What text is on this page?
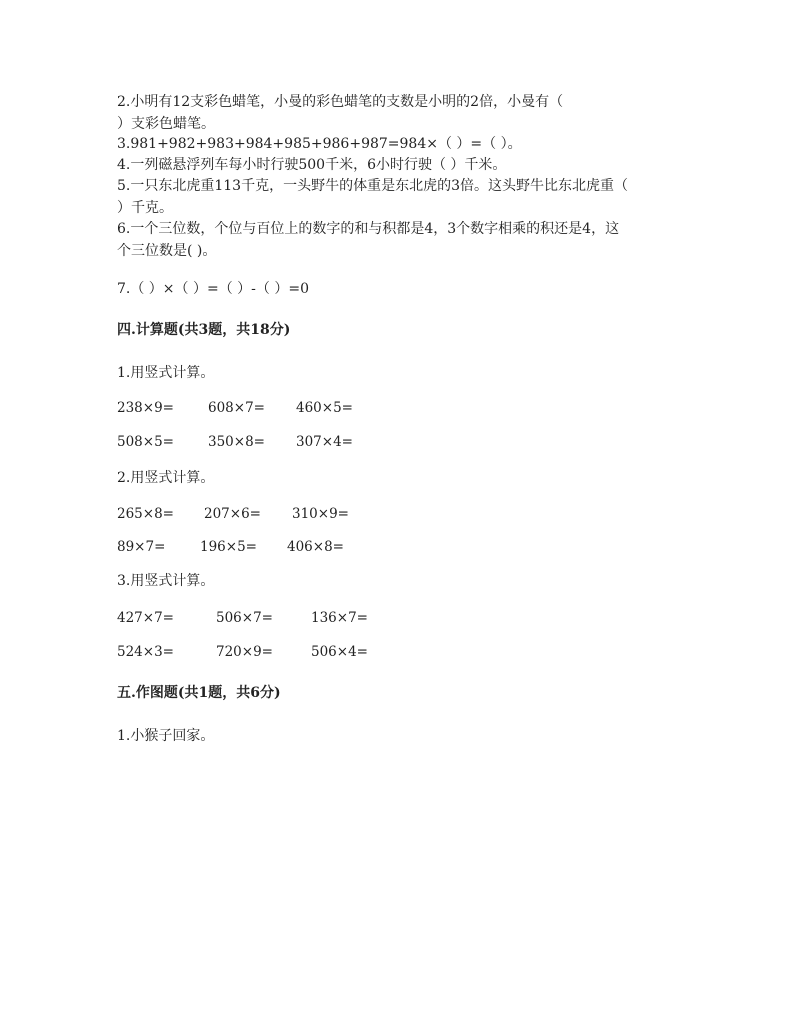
2.小明有12支彩色蜡笔，小曼的彩色蜡笔的支数是小明的2倍，小曼有（
）支彩色蜡笔。
3.981+982+983+984+985+986+987=984×（ ）=（ ）。
4.一列磁悬浮列车每小时行驶500千米，6小时行驶（ ）千米。
5.一只东北虎重113千克，一头野牛的体重是东北虎的3倍。这头野牛比东北虎重（
）千克。
6.一个三位数，个位与百位上的数字的和与积都是4，3个数字相乘的积还是4，这
个三位数是( )。
7.（ ）×（ ）=（ ）-（ ）=0
四.计算题(共3题，共18分)
1.用竖式计算。
238×9=	608×7= 460×5=
508×5=	350×8= 307×4=
2.用竖式计算。
265×8= 207×6= 310×9=
89×7=	196×5= 406×8=
3.用竖式计算。
427×7=	506×7=	136×7=
524×3=	720×9=	506×4=
五.作图题(共1题，共6分)
1.小猴子回家。
